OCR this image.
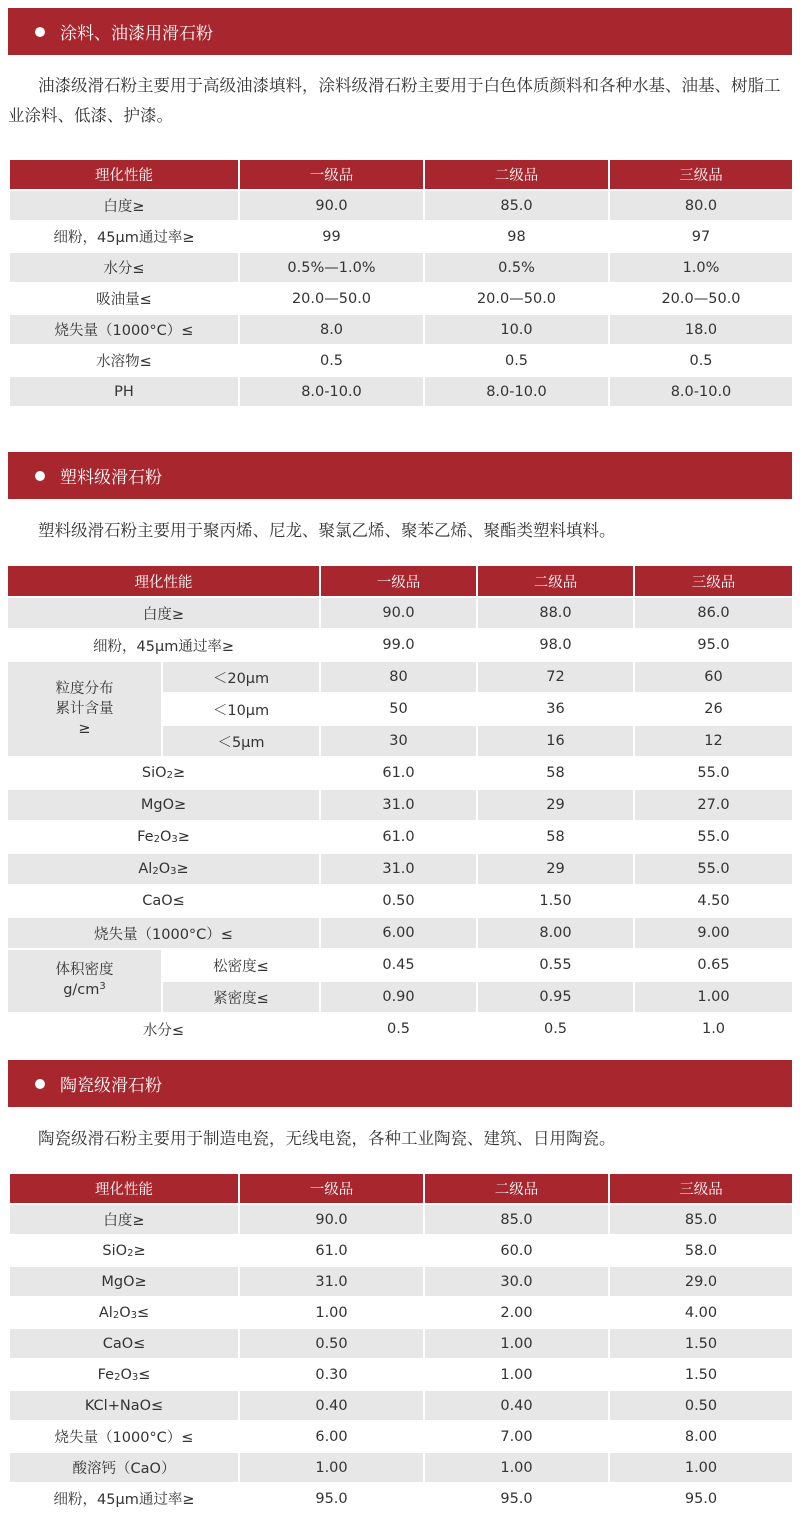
涂料、油漆用滑石粉
油漆级滑石粉主要用于高级油漆填料，涂料级滑石粉主要用于白色体质颜料和各种水基、油基、树脂工业涂料、低漆、护漆。
理化性能	一级品	二级品	三级品
白度≥	90.0	85.0	80.0
细粉，45μm通过率≥	99	98	97
水分≤	0.5%—1.0%	0.5%	1.0%
吸油量≤	20.0—50.0	20.0—50.0	20.0—50.0
烧失量（1000°C）≤	8.0	10.0	18.0
水溶物≤	0.5	0.5	0.5
PH	8.0-10.0	8.0-10.0	8.0-10.0
塑料级滑石粉
塑料级滑石粉主要用于聚丙烯、尼龙、聚氯乙烯、聚苯乙烯、聚酯类塑料填料。
理化性能		一级品	二级品	三级品
白度≥		90.0	88.0	86.0
细粉，45μm通过率≥		99.0	98.0	95.0

粒度分布累计含量≥	＜20μm	80	72	60
	＜10μm	50	36	26
	＜5μm	30	16	12
SiO$_2$≥		61.0	58	55.0
MgO≥		31.0	29	27.0
$Fe_2O_3\ge$		61.0	58	55.0
$Al_2O_3\ge$		31.0	29	55.0
CaO≤		0.50	1.50	4.50
烧失量（1000°C）≤		6.00	8.00	9.00

体积密度
$g/cm^3$	松密度≤	0.45	0.55	0.65
	紧密度≤	0.90	0.95	1.00
水分≤		0.5	0.5	1.0
陶瓷级滑石粉
陶瓷级滑石粉主要用于制造电瓷，无线电瓷，各种工业陶瓷、建筑、日用陶瓷。
理化性能	一级品	二级品	三级品
白度≥	90.0	85.0	85.0
SiO$_2$≥	61.0	60.0	58.0
MgO≥	31.0	30.0	29.0
$Al_2O_3\le$	1.00	2.00	4.00
CaO≤	0.50	1.00	1.50
$Fe_2O_3\le$	0.30	1.00	1.50
KCl+NaO≤	0.40	0.40	0.50
烧失量（1000°C）≤	6.00	7.00	8.00
酸溶钙（CaO）	1.00	1.00	1.00
细粉，45μm通过率≥	95.0	95.0	95.0
